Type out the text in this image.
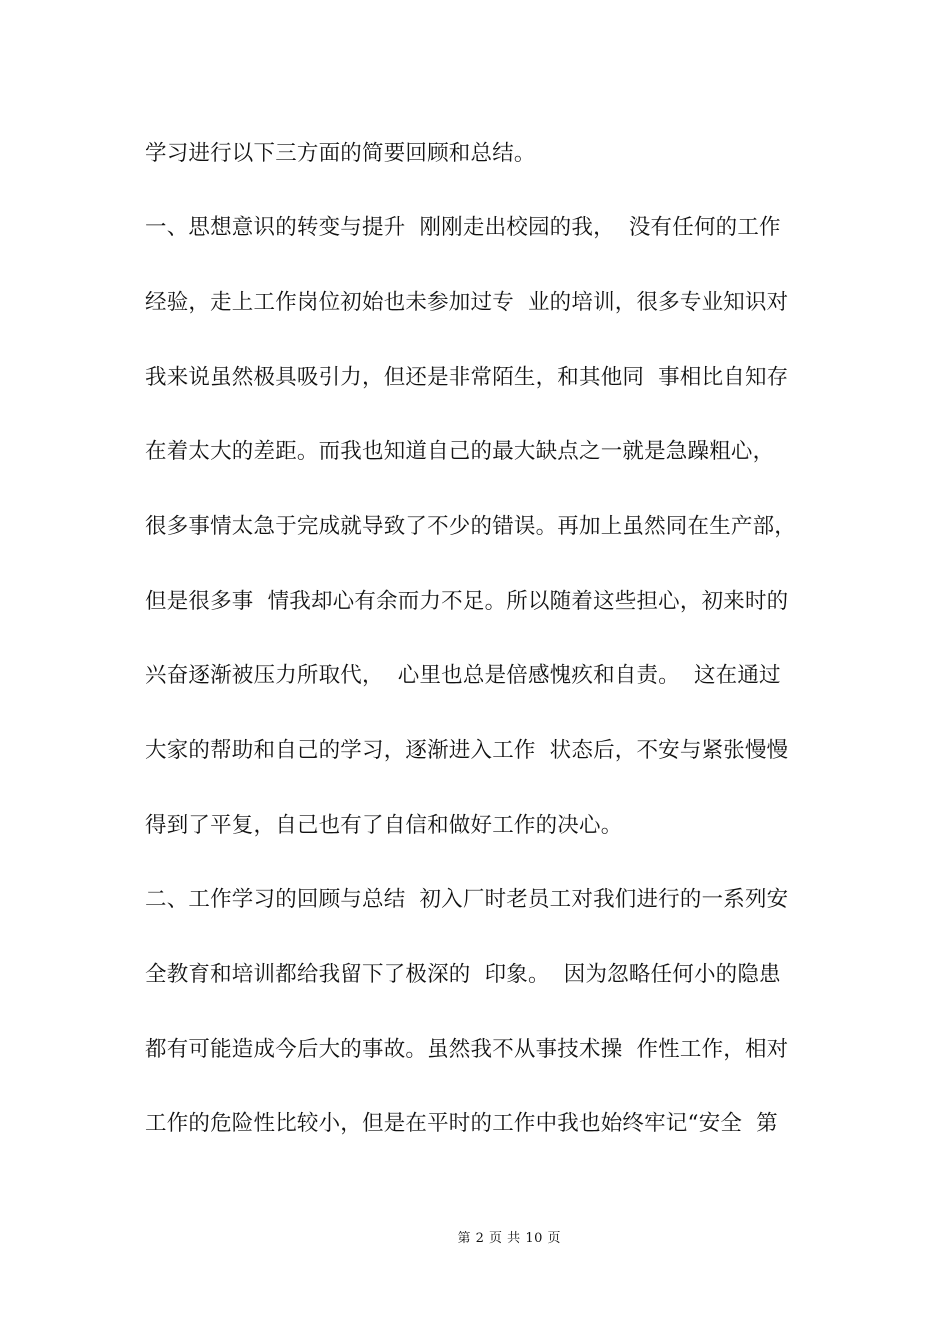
学习进行以下三方面的简要回顾和总结。
一、思想意识的转变与提升  刚刚走出校园的我，  没有任何的工作
经验，走上工作岗位初始也未参加过专  业的培训，很多专业知识对
我来说虽然极具吸引力，但还是非常陌生，和其他同  事相比自知存
在着太大的差距。而我也知道自己的最大缺点之一就是急躁粗心，
很多事情太急于完成就导致了不少的错误。再加上虽然同在生产部，
但是很多事  情我却心有余而力不足。所以随着这些担心，初来时的
兴奋逐渐被压力所取代，  心里也总是倍感愧疚和自责。  这在通过
大家的帮助和自己的学习，逐渐进入工作  状态后，不安与紧张慢慢
得到了平复，自己也有了自信和做好工作的决心。
二、工作学习的回顾与总结  初入厂时老员工对我们进行的一系列安
全教育和培训都给我留下了极深的  印象。  因为忽略任何小的隐患
都有可能造成今后大的事故。虽然我不从事技术操  作性工作，相对
工作的危险性比较小，但是在平时的工作中我也始终牢记“安全  第

第 2 页 共 10 页
